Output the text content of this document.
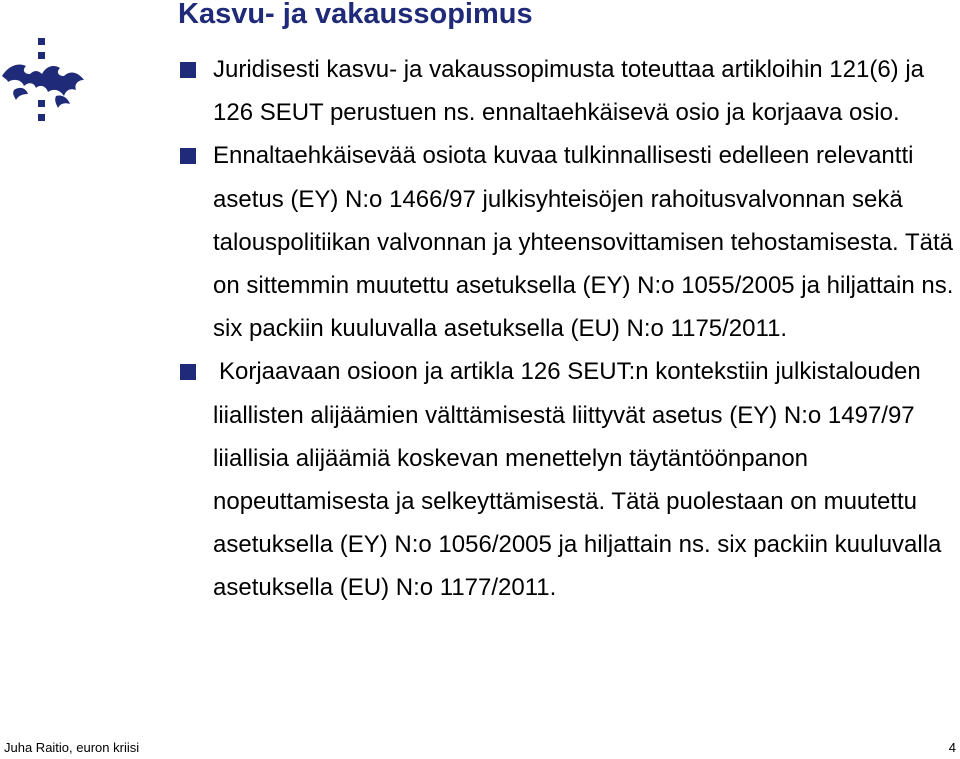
Kasvu- ja vakaussopimus
Juridisesti kasvu- ja vakaussopimusta toteuttaa artikloihin 121(6) ja 126 SEUT perustuen ns. ennaltaehkäisevä osio ja korjaava osio.
Ennaltaehkäisevää osiota kuvaa tulkinnallisesti edelleen relevantti asetus (EY) N:o 1466/97 julkisyhteisöjen rahoitusvalvonnan sekä talouspolitiikan valvonnan ja yhteensovittamisen tehostamisesta. Tätä on sittemmin muutettu asetuksella (EY) N:o 1055/2005 ja hiljattain ns. six packiin kuuluvalla asetuksella (EU) N:o 1175/2011.
Korjaavaan osioon ja artikla 126 SEUT:n kontekstiin julkistalouden liiallisten alijäämien välttämisestä liittyvät asetus (EY) N:o 1497/97 liiallisia alijäämiä koskevan menettelyn täytäntöönpanon nopeuttamisesta ja selkeyttämisestä. Tätä puolestaan on muutettu asetuksella (EY) N:o 1056/2005 ja hiljattain ns. six packiin kuuluvalla asetuksella (EU) N:o 1177/2011.
Juha Raitio, euron kriisi	4
